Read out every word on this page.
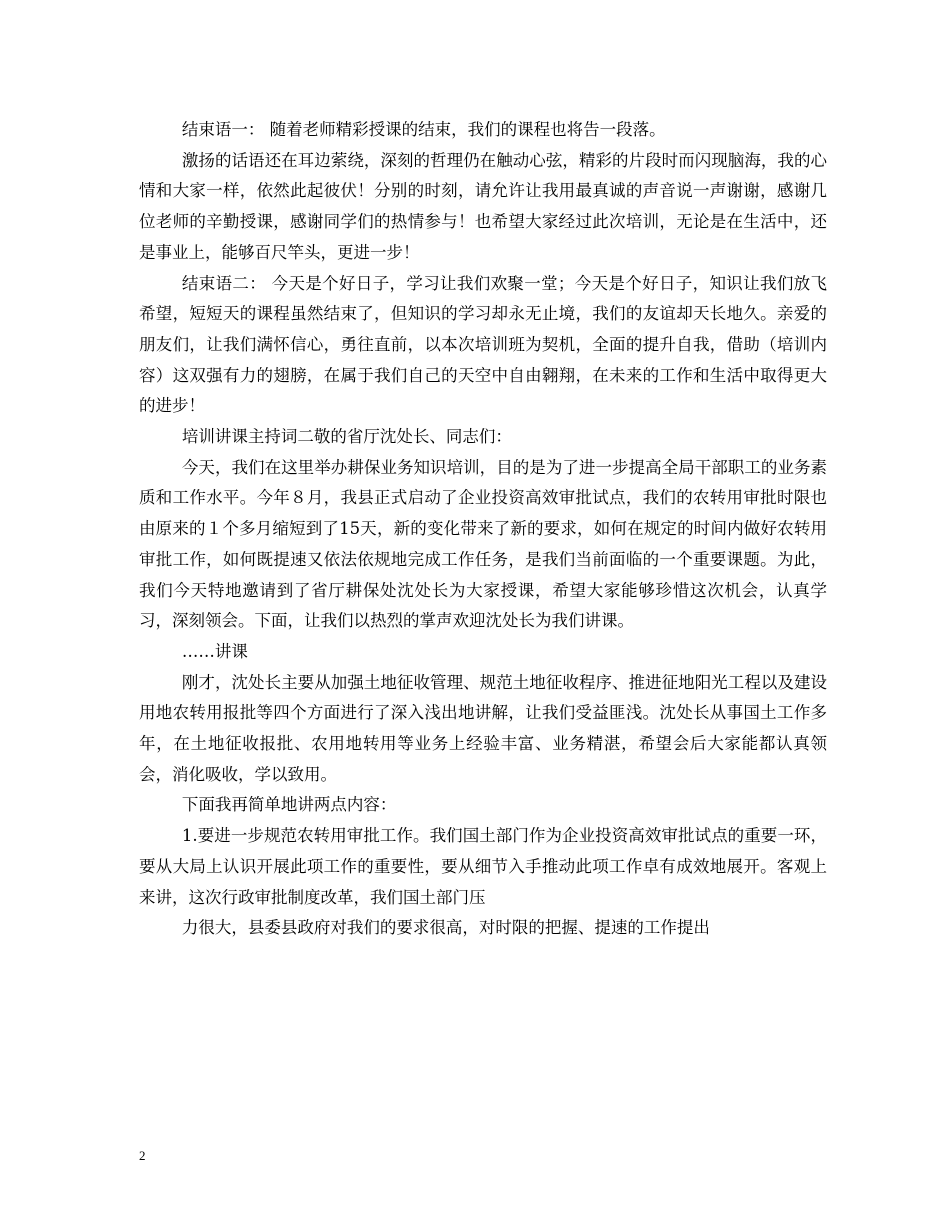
结束语一： 随着老师精彩授课的结束，我们的课程也将告一段落。

激扬的话语还在耳边萦绕，深刻的哲理仍在触动心弦，精彩的片段时而闪现脑海，我的心情和大家一样，依然此起彼伏！分别的时刻，请允许让我用最真诚的声音说一声谢谢，感谢几位老师的辛勤授课，感谢同学们的热情参与！也希望大家经过此次培训，无论是在生活中，还是事业上，能够百尺竿头，更进一步！

结束语二： 今天是个好日子，学习让我们欢聚一堂；今天是个好日子，知识让我们放飞希望，短短天的课程虽然结束了，但知识的学习却永无止境，我们的友谊却天长地久。亲爱的朋友们，让我们满怀信心，勇往直前，以本次培训班为契机，全面的提升自我，借助（培训内容）这双强有力的翅膀，在属于我们自己的天空中自由翱翔，在未来的工作和生活中取得更大的进步！

培训讲课主持词二敬的省厅沈处长、同志们：

今天，我们在这里举办耕保业务知识培训，目的是为了进一步提高全局干部职工的业务素质和工作水平。今年８月，我县正式启动了企业投资高效审批试点，我们的农转用审批时限也由原来的１个多月缩短到了15天，新的变化带来了新的要求，如何在规定的时间内做好农转用审批工作，如何既提速又依法依规地完成工作任务，是我们当前面临的一个重要课题。为此，我们今天特地邀请到了省厅耕保处沈处长为大家授课，希望大家能够珍惜这次机会，认真学习，深刻领会。下面，让我们以热烈的掌声欢迎沈处长为我们讲课。

……讲课

刚才，沈处长主要从加强土地征收管理、规范土地征收程序、推进征地阳光工程以及建设用地农转用报批等四个方面进行了深入浅出地讲解，让我们受益匪浅。沈处长从事国土工作多年，在土地征收报批、农用地转用等业务上经验丰富、业务精湛，希望会后大家能都认真领会，消化吸收，学以致用。

下面我再简单地讲两点内容：

1.要进一步规范农转用审批工作。我们国土部门作为企业投资高效审批试点的重要一环，要从大局上认识开展此项工作的重要性，要从细节入手推动此项工作卓有成效地展开。客观上来讲，这次行政审批制度改革，我们国土部门压

力很大，县委县政府对我们的要求很高，对时限的把握、提速的工作提出

2
